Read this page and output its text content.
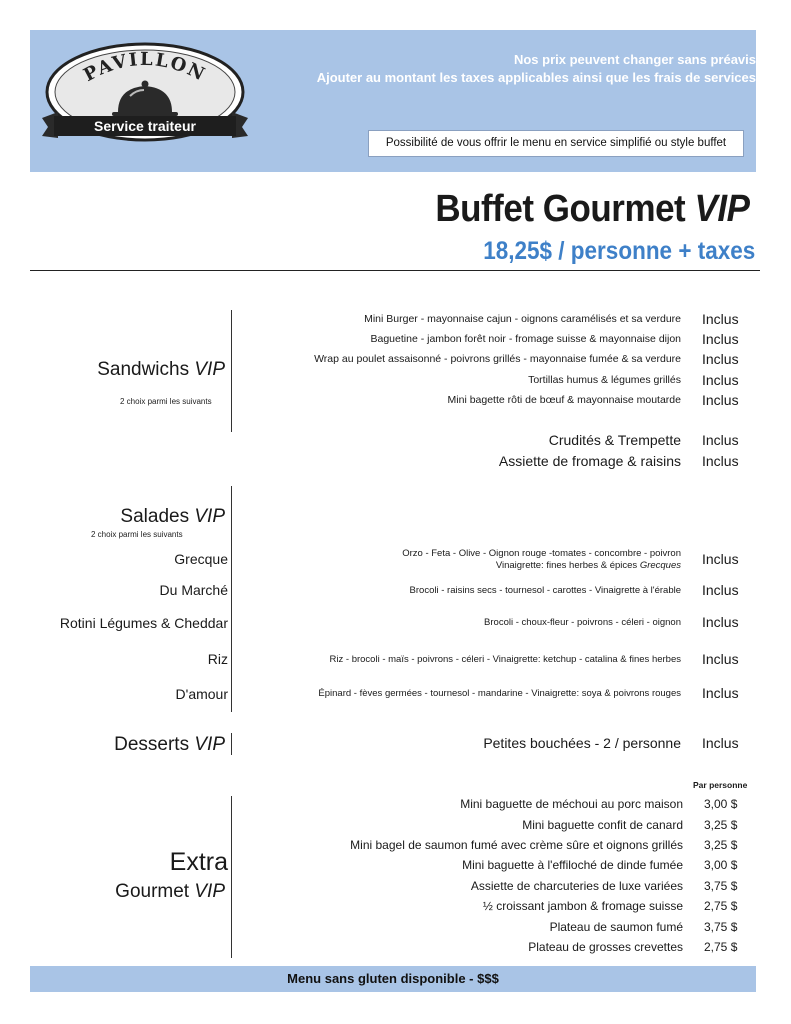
PAVILLON
Service traiteur
Nos prix peuvent changer sans préavis
Ajouter au montant les taxes applicables ainsi que les frais de services
Possibilité de vous offrir le menu en service simplifié ou style buffet
Buffet Gourmet VIP
18,25$ / personne + taxes
Sandwichs VIP
2 choix parmi les suivants
Mini Burger - mayonnaise cajun - oignons caramélisés et sa verdure Inclus
Baguetine - jambon forêt noir - fromage suisse & mayonnaise dijon Inclus
Wrap au poulet assaisonné - poivrons grillés - mayonnaise fumée & sa verdure Inclus
Tortillas humus & légumes grillés Inclus
Mini bagette rôti de bœuf & mayonnaise moutarde Inclus
Crudités & Trempette Inclus
Assiette de fromage & raisins Inclus
Salades VIP
2 choix parmi les suivants
Grecque	Orzo - Feta - Olive - Oignon rouge -tomates - concombre - poivron
Vinaigrette: fines herbes & épices Grecques Inclus
Du Marché	Brocoli - raisins secs - tournesol - carottes - Vinaigrette à l'érable Inclus
Rotini Légumes & Cheddar	Brocoli - choux-fleur - poivrons - céleri - oignon Inclus
Riz	Riz - brocoli - maïs - poivrons - céleri - Vinaigrette: ketchup - catalina & fines herbes Inclus
D'amour	Épinard - fèves germées - tournesol - mandarine - Vinaigrette: soya & poivrons rouges Inclus
Desserts VIP	Petites bouchées - 2 / personne Inclus
Extra
Gourmet VIP
Par personne
Mini baguette de méchoui au porc maison 3,00 $
Mini baguette confit de canard 3,25 $
Mini bagel de saumon fumé avec crème sûre et oignons grillés 3,25 $
Mini baguette à l'effiloché de dinde fumée 3,00 $
Assiette de charcuteries de luxe variées 3,75 $
½ croissant jambon & fromage suisse 2,75 $
Plateau de saumon fumé 3,75 $
Plateau de grosses crevettes 2,75 $
Menu sans gluten disponible - $$$
